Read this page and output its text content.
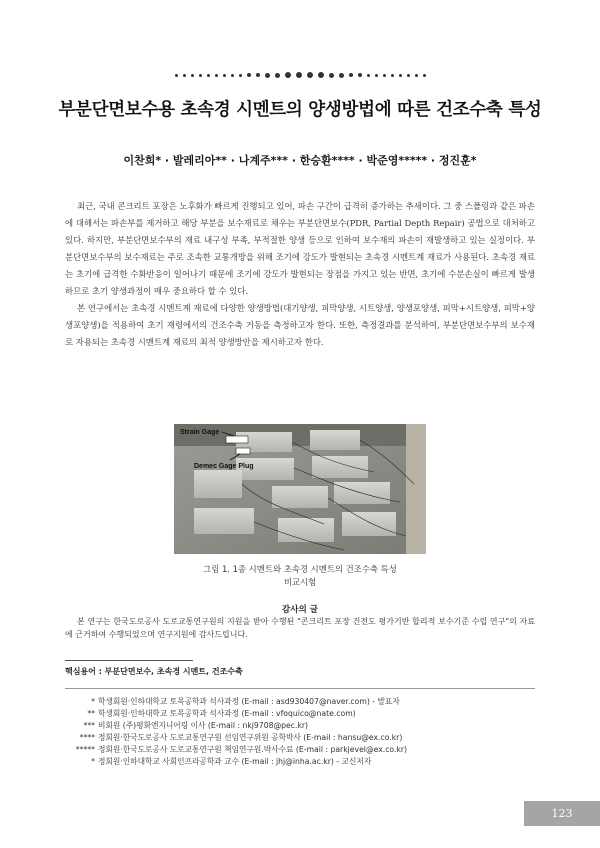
부분단면보수용 초속경 시멘트의 양생방법에 따른 건조수축 특성
이찬희* · 발레리아** · 나계주*** · 한승환**** · 박준영***** · 정진훈*

최근, 국내 콘크리트 포장은 노후화가 빠르게 진행되고 있어, 파손 구간이 급격히 증가하는 추세이다. 그 중 스폴링과 같은 파손에 대해서는 파손부를 제거하고 해당 부분을 보수재료로 채우는 부분단면보수(PDR, Partial Depth Repair) 공법으로 대처하고 있다. 하지만, 부분단면보수부의 재료 내구성 부족, 부적절한 양생 등으로 인하여 보수재의 파손이 재발생하고 있는 실정이다. 부분단면보수부의 보수재료는 주로 조속한 교통개방을 위해 조기에 강도가 발현되는 초속경 시멘트계 재료가 사용된다. 초속경 재료는 초기에 급격한 수화반응이 일어나기 때문에 조기에 강도가 발현되는 장점을 가지고 있는 반면, 초기에 수분손실이 빠르게 발생하므로 초기 양생과정이 매우 중요하다 할 수 있다.

본 연구에서는 초속경 시멘트계 재료에 다양한 양생방법(대기양생, 피막양생, 시트양생, 양생포양생, 피막+시트양생, 피막+양생포양생)을 적용하여 초기 재령에서의 건조수축 거동을 측정하고자 한다. 또한, 측정결과를 분석하여, 부분단면보수부의 보수재로 자용되는 초속경 시멘트계 재료의 최적 양생방안을 제시하고자 한다.

Strain Gage
Demec Gage Plug
그림 1. 1종 시멘트와 초속경 시멘트의 건조수축 특성
비교시험
감사의 글

본 연구는 한국도로공사 도로교통연구원의 지원을 받아 수행된 "콘크리트 포장 건전도 평가기반 합리적 보수기준 수립 연구"의 자료에 근거하여 수행되었으며 연구지원에 감사드립니다.

핵심용어 : 부분단면보수, 초속경 시멘트, 건조수축
* 학생회원·인하대학교 토목공학과 석사과정 (E-mail : asd930407@naver.com) - 발표자
** 학생회원·인하대학교 토목공학과 석사과정 (E-mail : vfoquico@nate.com)
*** 비회원 (주)평화엔지니어링 이사 (E-mail : nkj9708@pec.kr)
**** 정회원·한국도로공사 도로교통연구원 선임연구위원 공학박사 (E-mail : hansu@ex.co.kr)
***** 정회원·한국도로공사 도로교통연구원 책임연구원.박사수료 (E-mail : parkjevel@ex.co.kr)
* 정회원·인하대학교 사회인프라공학과 교수 (E-mail : jhj@inha.ac.kr) - 교신저자
123
